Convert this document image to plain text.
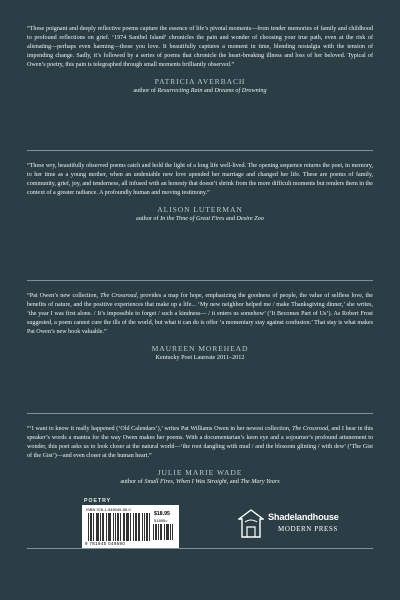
“These poignant and deeply reflective poems capture the essence of life’s pivotal moments—from tender memories of family and childhood to profound reflections on grief. ‘1974 Sanibel Island’ chronicles the pain and wonder of choosing your true path, even at the risk of alienating—perhaps even harming—those you love. It beautifully captures a moment in time, blending nostalgia with the tension of impending change. Sadly, it’s followed by a series of poems that chronicle the heart-breaking illness and loss of her beloved. Typical of Owen’s poetry, this pain is telegraphed through small moments brilliantly observed.”

PATRICIA AVERBACH

author of Resurrecting Rain and Dreams of Drowning

“These wry, beautifully observed poems catch and hold the light of a long life well-lived. The opening sequence returns the poet, in memory, to her time as a young mother, when an undeniable new love upended her marriage and changed her life. These are poems of family, community, grief, joy, and tenderness, all infused with an honesty that doesn’t shrink from the more difficult moments but renders them in the context of a greater radiance. A profoundly human and moving testimony.”

ALISON LUTERMAN

author of In the Time of Great Fires and Desire Zoo

“Pat Owen’s new collection, The Crossroad, provides a map for hope, emphasizing the goodness of people, the value of selfless love, the benefits of nature, and the positive experiences that make up a life... ‘My new neighbor helped me / make Thanksgiving dinner,’ she writes, ‘the year I was first alone. / It’s impossible to forget / such a kindness— / it enters us somehow’ (‘It Becomes Part of Us’). As Robert Frost suggested, a poem cannot cure the ills of the world, but what it can do is offer ‘a momentary stay against confusion.’ That stay is what makes Pat Owen’s new book valuable.”

MAUREEN MOREHEAD

Kentucky Poet Laureate 2011–2012

“‘I want to know it really happened (‘Old Calendars’),’ writes Pat Williams Owen in her newest collection, The Crossroad, and I hear in this speaker’s words a mantra for the way Owen makes her poems. With a documentarian’s keen eye and a sojourner’s profound attunement to wonder, this poet asks us to look closer at the natural world—‘the root dangling with mud / and the blossom glinting / with dew’ (‘The Gist of the Gist’)—and even closer at the human heart.”

JULIE MARIE WADE

author of Small Fires, When I Was Straight, and The Mary Years

POETRY
ISBN 978-1-945049-59-0
$18.95
51895>
9 781945 049590
Shadelandhouse
MODERN PRESS
